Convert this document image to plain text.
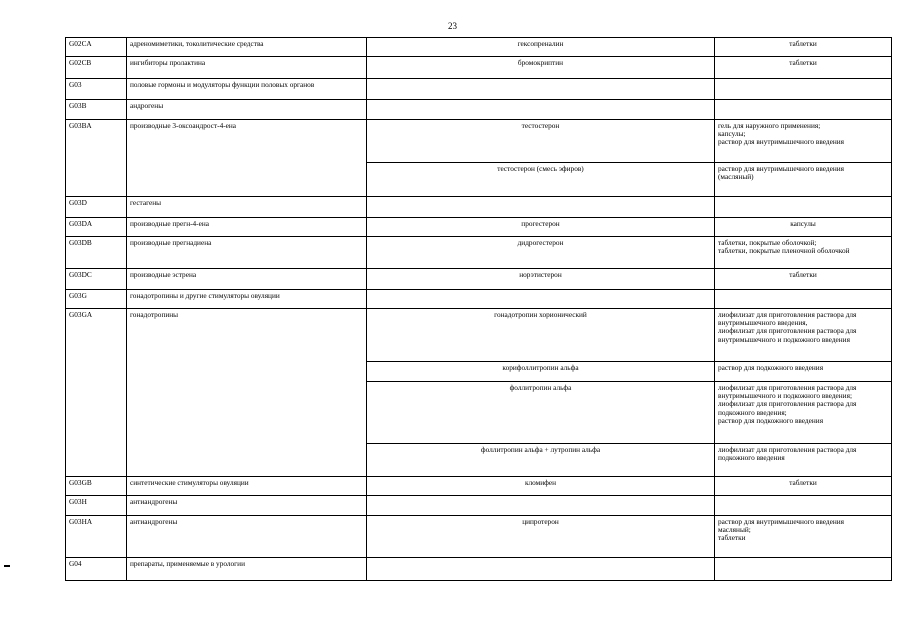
23
G02CA	адреномиметики, токолитические средства	гексопреналин	таблетки
G02CB	ингибиторы пролактина	бромокриптин	таблетки
G03	половые гормоны и модуляторы функции половых органов		
G03B	андрогены		
G03BA	производные 3-оксоандрост-4-ена	тестостерон	гель для наружного применения;
капсулы;
раствор для внутримышечного введения
		тестостерон (смесь эфиров)	раствор для внутримышечного введения
(масляный)
G03D	гестагены		
G03DA	производные прегн-4-ена	прогестерон	капсулы
G03DB	производные прегнадиена	дидрогестерон	таблетки, покрытые оболочкой;
таблетки, покрытые пленочной оболочкой
G03DC	производные эстрена	норэтистерон	таблетки
G03G	гонадотропины и другие стимуляторы овуляции		
G03GA	гонадотропины	гонадотропин хорионический	лиофилизат для приготовления раствора для
внутримышечного введения,
лиофилизат для приготовления раствора для
внутримышечного и подкожного введения
		корифоллитропин альфа	раствор для подкожного введения
		фоллитропин альфа	лиофилизат для приготовления раствора для
внутримышечного и подкожного введения;
лиофилизат для приготовления раствора для
подкожного введения;
раствор для подкожного введения
		фоллитропин альфа + лутропин альфа	лиофилизат для приготовления раствора для
подкожного введения
G03GB	синтетические стимуляторы овуляции	кломифен	таблетки
G03H	антиандрогены		
G03HA	антиандрогены	ципротерон	раствор для внутримышечного введения
масляный;
таблетки
G04	препараты, применяемые в урологии		
